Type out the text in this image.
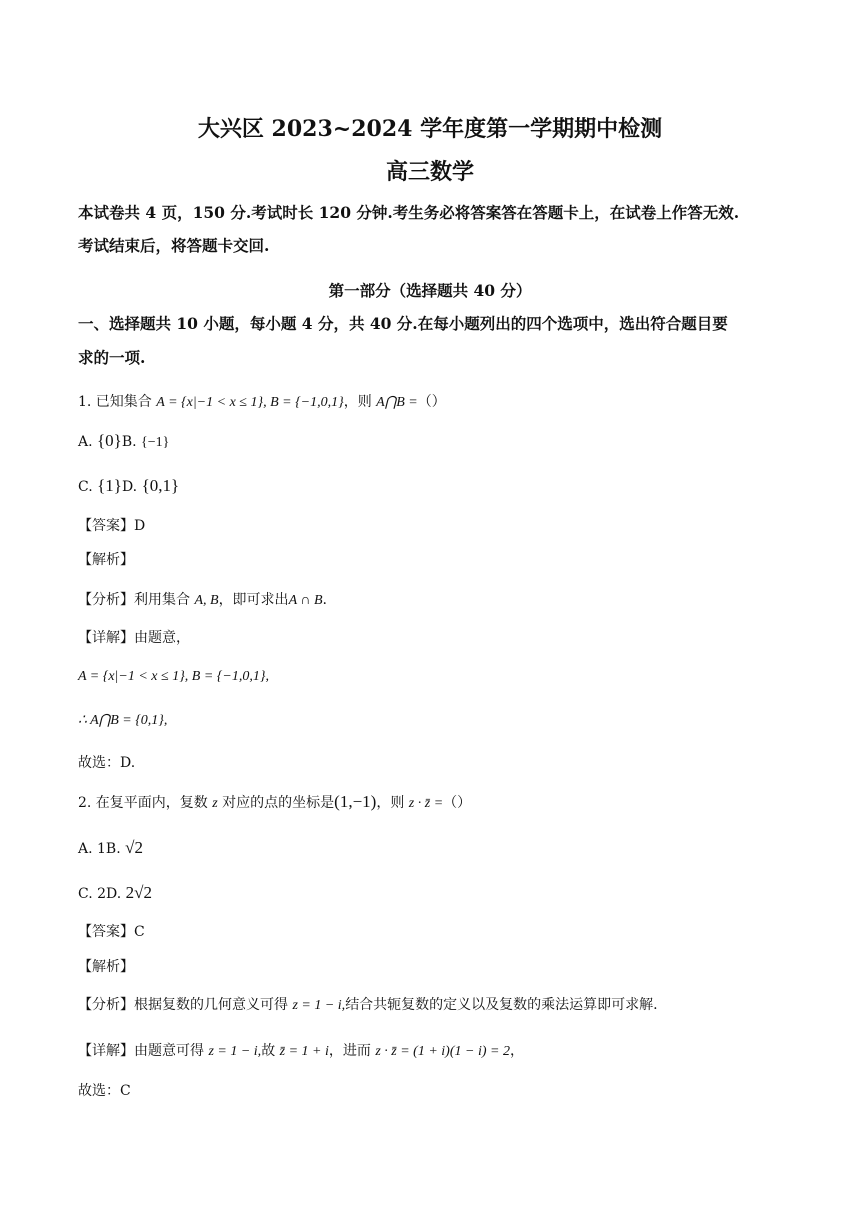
大兴区 2023~2024 学年度第一学期期中检测
高三数学
本试卷共 4 页，150 分.考试时长 120 分钟.考生务必将答案答在答题卡上，在试卷上作答无效.
考试结束后，将答题卡交回.
第一部分（选择题共 40 分）
一、选择题共 10 小题，每小题 4 分，共 40 分.在每小题列出的四个选项中，选出符合题目要
求的一项.
1. 已知集合 A = {x|−1 < x ≤ 1}, B = {−1,0,1}，则 A⋂B =（）
A. {0}B. {−1}
C. {1}D. {0,1}
【答案】D
【解析】
【分析】利用集合 A, B，即可求出A ∩ B.
【详解】由题意，
A = {x|−1 < x ≤ 1}, B = {−1,0,1},
∴ A⋂B = {0,1},
故选：D.
2. 在复平面内，复数 z 对应的点的坐标是(1,−1)，则 z · z̄ =（）
A. 1B. √2
C. 2D. 2√2
【答案】C
【解析】
【分析】根据复数的几何意义可得 z = 1 − i,结合共轭复数的定义以及复数的乘法运算即可求解.
【详解】由题意可得 z = 1 − i,故 z̄ = 1 + i，进而 z · z̄ = (1 + i)(1 − i) = 2，
故选：C
